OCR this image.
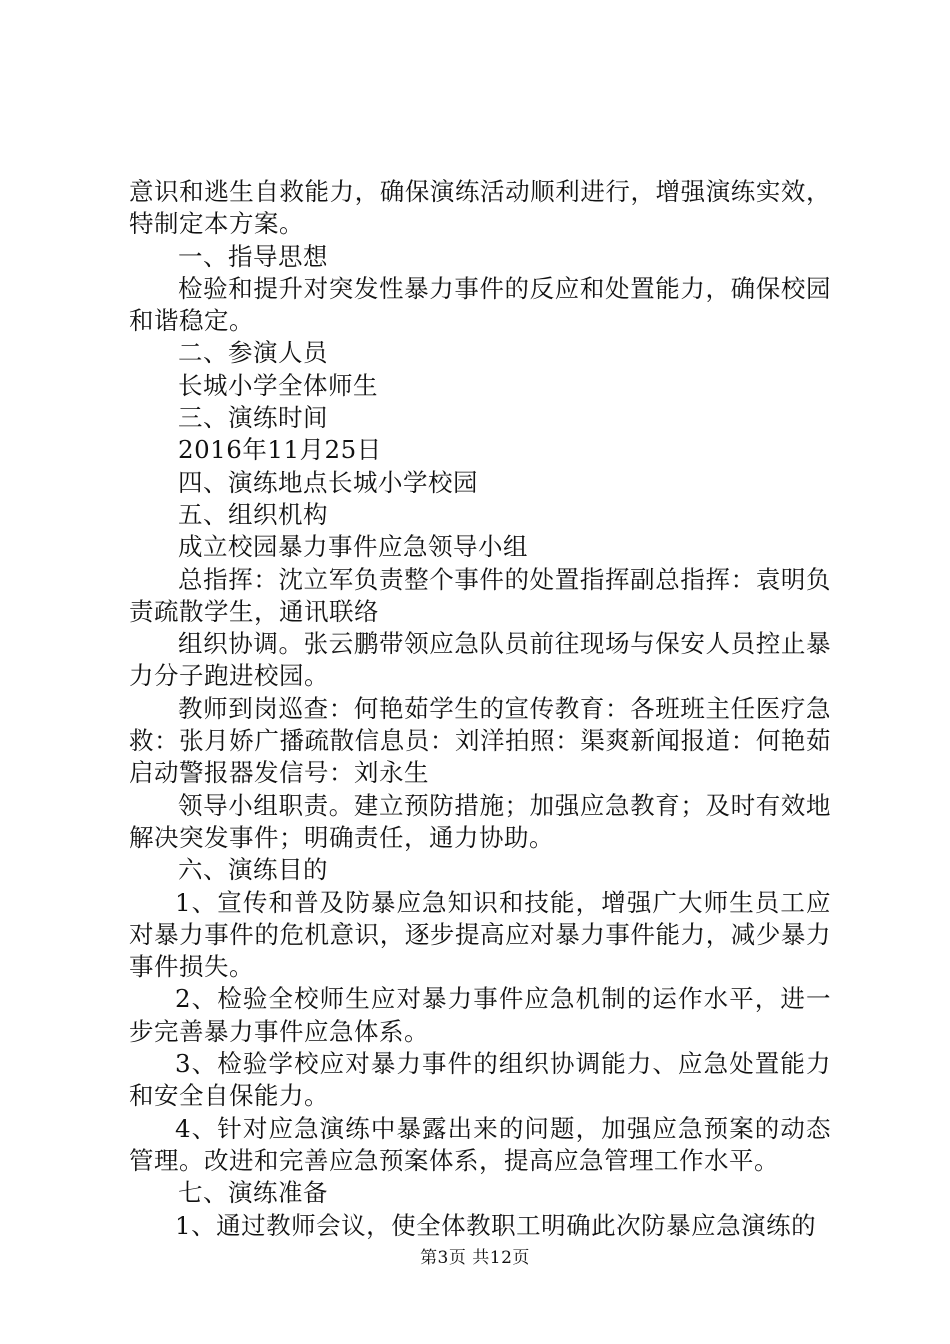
意识和逃生自救能力，确保演练活动顺利进行，增强演练实效，特制定本方案。

一、指导思想

检验和提升对突发性暴力事件的反应和处置能力，确保校园和谐稳定。

二、参演人员

长城小学全体师生

三、演练时间

2016年11月25日

四、演练地点长城小学校园

五、组织机构

成立校园暴力事件应急领导小组

总指挥：沈立军负责整个事件的处置指挥副总指挥：袁明负责疏散学生，通讯联络

组织协调。张云鹏带领应急队员前往现场与保安人员控止暴力分子跑进校园。

教师到岗巡查：何艳茹学生的宣传教育：各班班主任医疗急救：张月娇广播疏散信息员：刘洋拍照：渠爽新闻报道：何艳茹启动警报器发信号：刘永生

领导小组职责。建立预防措施；加强应急教育；及时有效地解决突发事件；明确责任，通力协助。

六、演练目的

1、宣传和普及防暴应急知识和技能，增强广大师生员工应对暴力事件的危机意识，逐步提高应对暴力事件能力，减少暴力事件损失。

2、检验全校师生应对暴力事件应急机制的运作水平，进一步完善暴力事件应急体系。

3、检验学校应对暴力事件的组织协调能力、应急处置能力和安全自保能力。

4、针对应急演练中暴露出来的问题，加强应急预案的动态管理。改进和完善应急预案体系，提高应急管理工作水平。

七、演练准备

1、通过教师会议，使全体教职工明确此次防暴应急演练的

第3页 共12页
